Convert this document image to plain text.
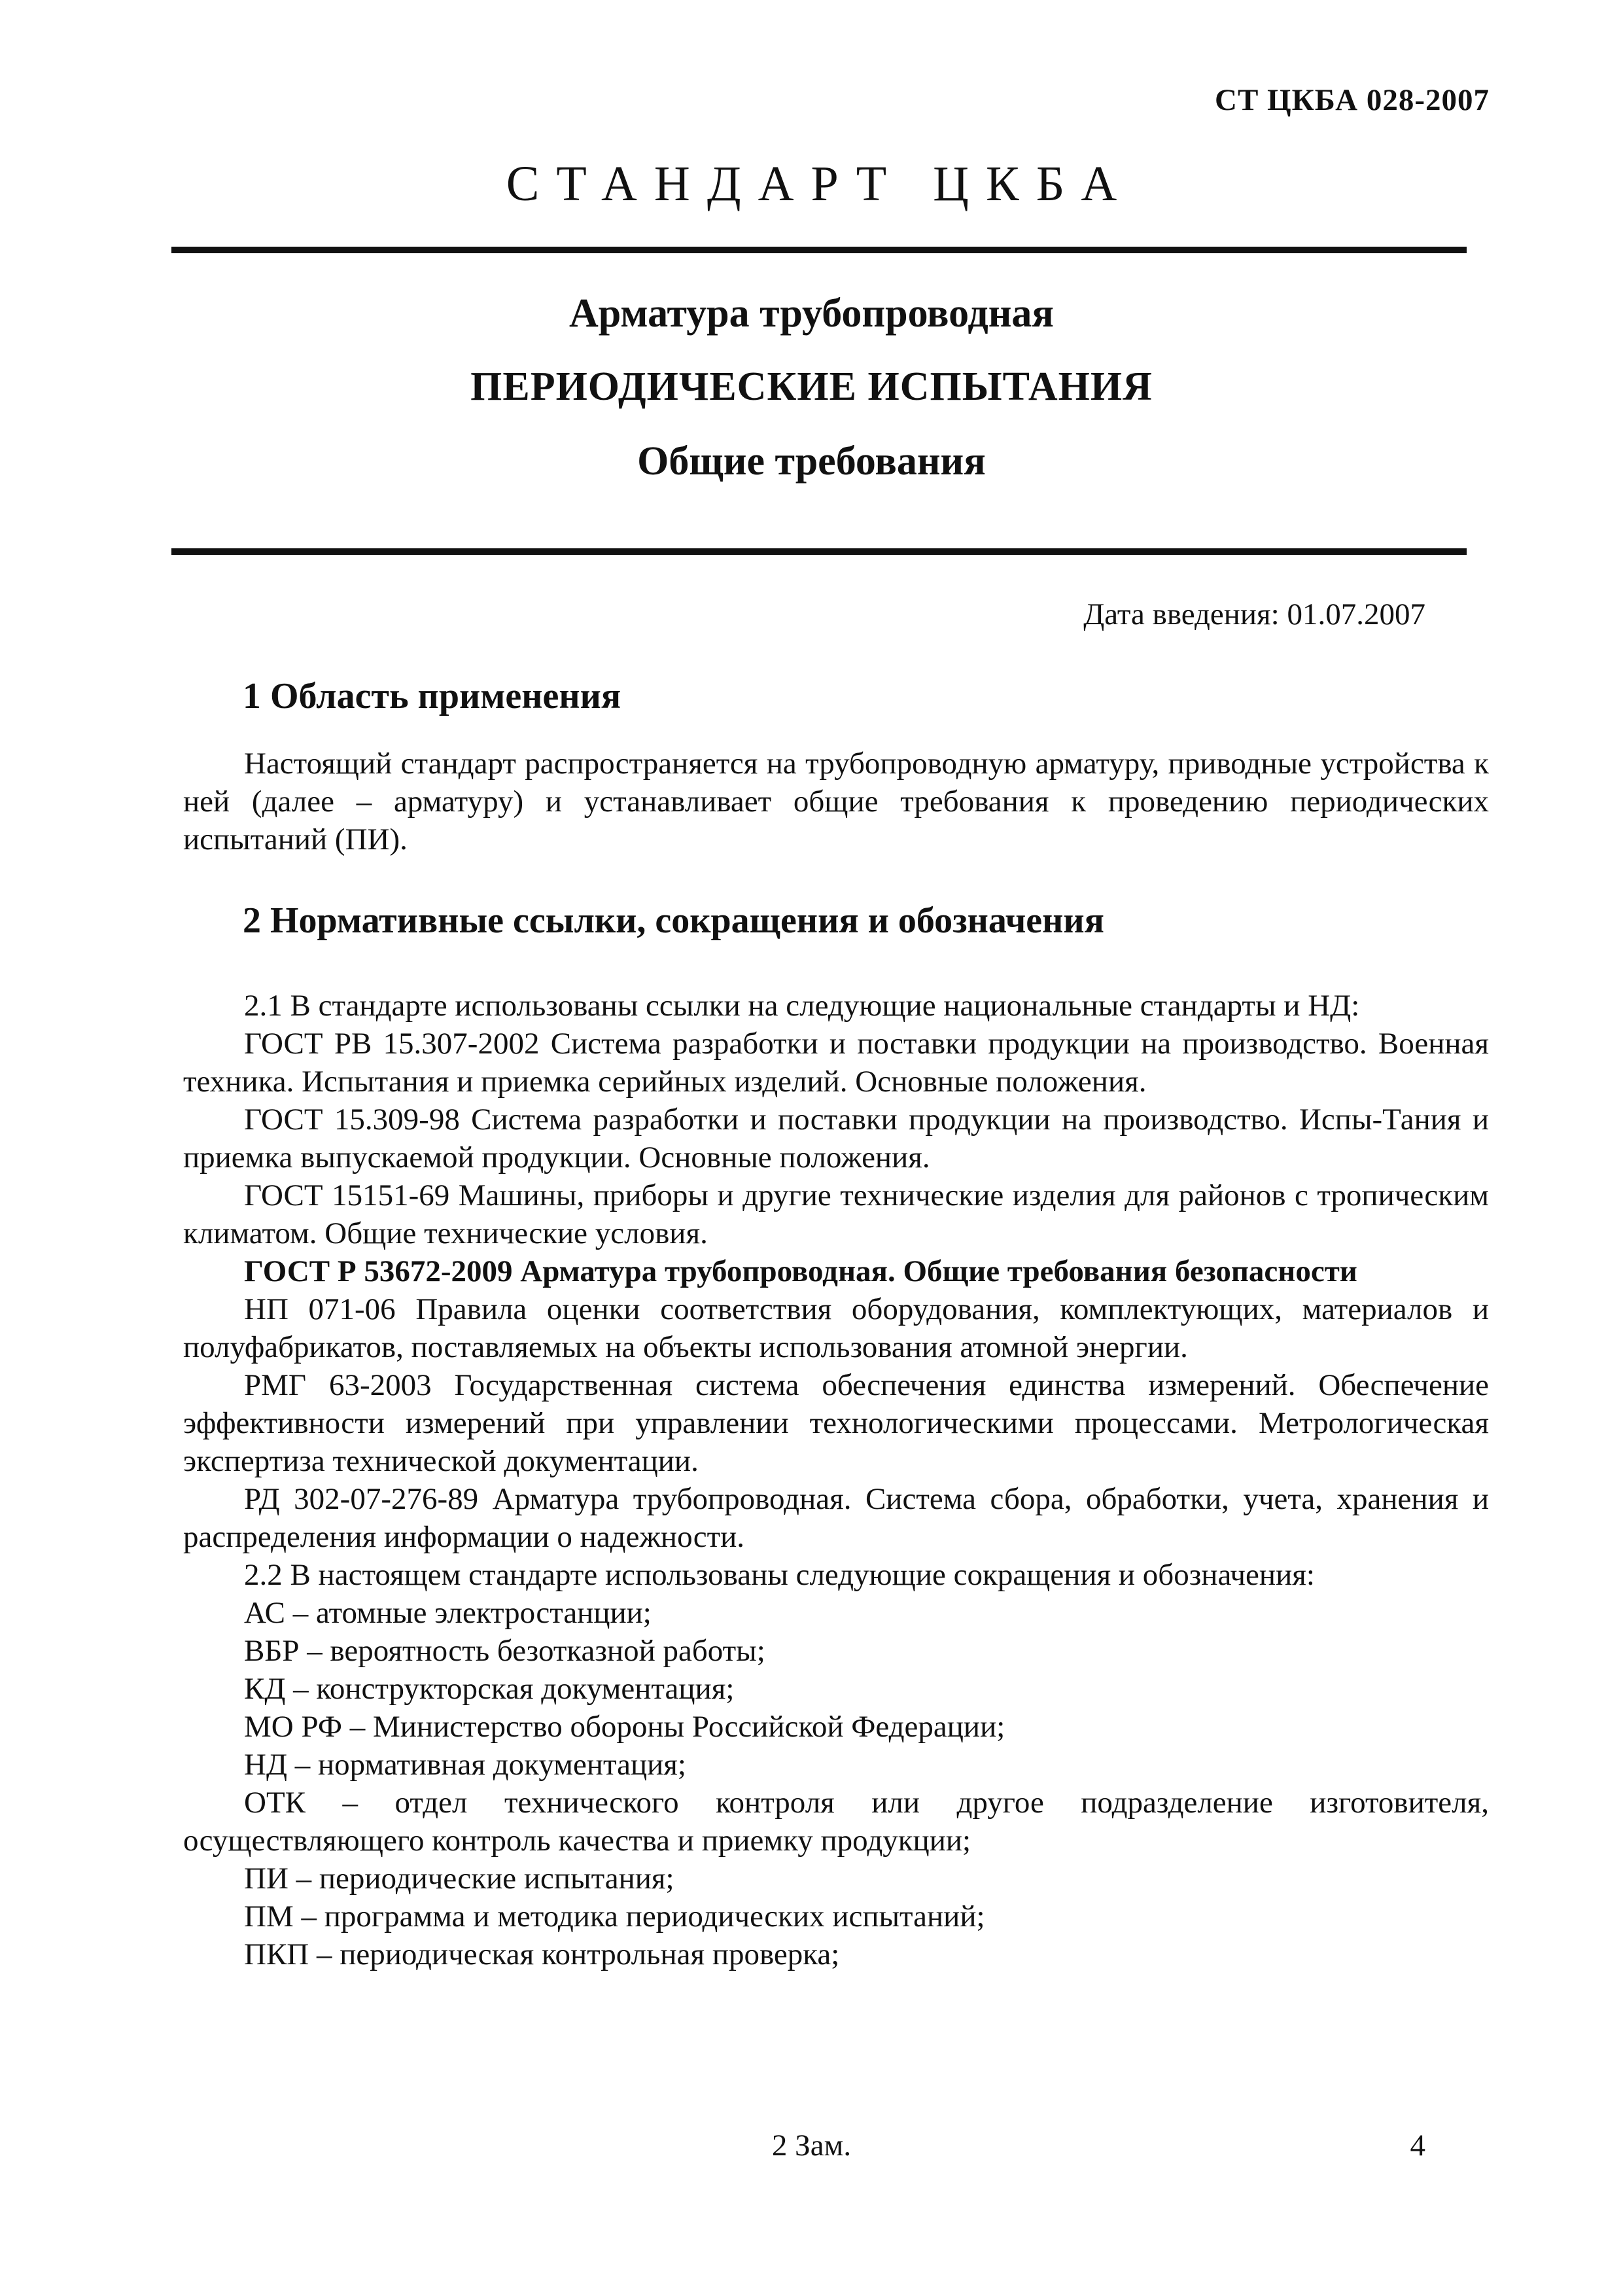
СТ ЦКБА 028-2007
СТАНДАРТ ЦКБА
Арматура трубопроводная
ПЕРИОДИЧЕСКИЕ ИСПЫТАНИЯ
Общие требования
Дата введения: 01.07.2007
1 Область применения

Настоящий стандарт распространяется на трубопроводную арматуру, приводные устройства к ней (далее – арматуру) и устанавливает общие требования к проведению периодических испытаний (ПИ).

2 Нормативные ссылки, сокращения и обозначения

2.1 В стандарте использованы ссылки на следующие национальные стандарты и НД:

ГОСТ РВ 15.307-2002 Система разработки и поставки продукции на производство. Военная техника. Испытания и приемка серийных изделий. Основные положения.

ГОСТ 15.309-98 Система разработки и поставки продукции на производство. Испы-Тания и приемка выпускаемой продукции. Основные положения.

ГОСТ 15151-69 Машины, приборы и другие технические изделия для районов с тропическим климатом. Общие технические условия.

ГОСТ Р 53672-2009 Арматура трубопроводная. Общие требования безопасности

НП 071-06 Правила оценки соответствия оборудования, комплектующих, материалов и полуфабрикатов, поставляемых на объекты использования атомной энергии.

РМГ 63-2003 Государственная система обеспечения единства измерений. Обеспечение эффективности измерений при управлении технологическими процессами. Метрологическая экспертиза технической документации.

РД 302-07-276-89 Арматура трубопроводная. Система сбора, обработки, учета, хранения и распределения информации о надежности.

2.2 В настоящем стандарте использованы следующие сокращения и обозначения:

АС – атомные электростанции;

ВБР – вероятность безотказной работы;

КД – конструкторская документация;

МО РФ – Министерство обороны Российской Федерации;

НД – нормативная документация;

ОТК – отдел технического контроля или другое подразделение изготовителя, осуществляющего контроль качества и приемку продукции;

ПИ – периодические испытания;

ПМ – программа и методика периодических испытаний;

ПКП – периодическая контрольная проверка;

2 Зам.	4
